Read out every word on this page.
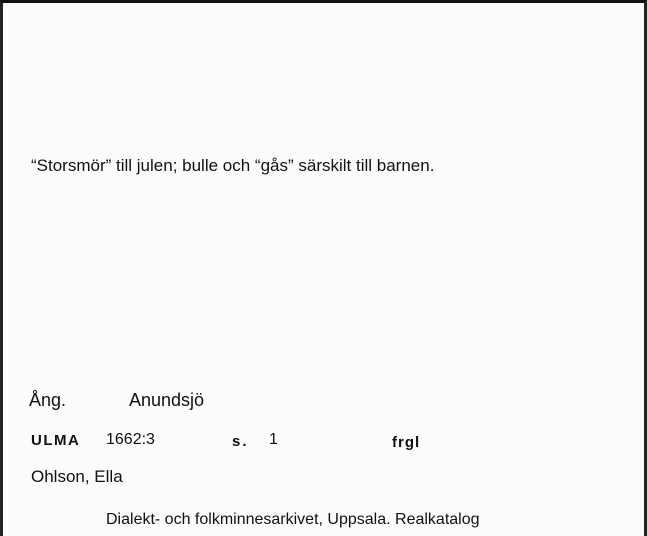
“Storsmör” till julen; bulle och “gås” särskilt till barnen.
Ång.	Anundsjö
ULMA 1662:3	s. 1	frgl
Ohlson, Ella
Dialekt- och folkminnesarkivet, Uppsala. Realkatalog
